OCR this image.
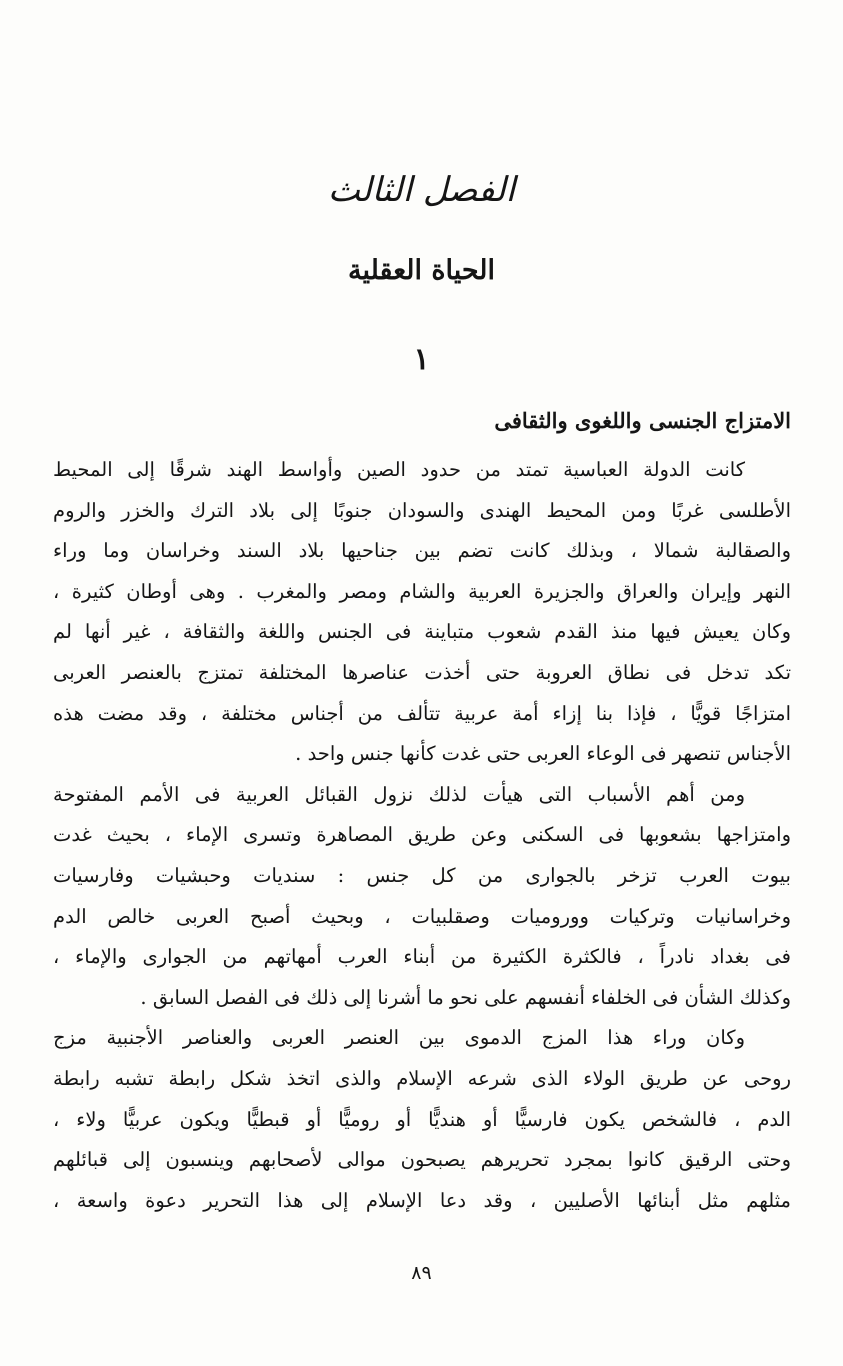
الفصل الثالث
الحياة العقلية
١
الامتزاج الجنسى واللغوى والثقافى
كانت الدولة العباسية تمتد من حدود الصين وأواسط الهند شرقًا إلى المحيط
الأطلسى غربًا ومن المحيط الهندى والسودان جنوبًا إلى بلاد الترك والخزر والروم
والصقالبة شمالا ، وبذلك كانت تضم بين جناحيها بلاد السند وخراسان وما وراء
النهر وإيران والعراق والجزيرة العربية والشام ومصر والمغرب . وهى أوطان كثيرة ،
وكان يعيش فيها منذ القدم شعوب متباينة فى الجنس واللغة والثقافة ، غير أنها لم
تكد تدخل فى نطاق العروبة حتى أخذت عناصرها المختلفة تمتزج بالعنصر العربى
امتزاجًا قويًّا ، فإذا بنا إزاء أمة عربية تتألف من أجناس مختلفة ، وقد مضت هذه
الأجناس تنصهر فى الوعاء العربى حتى غدت كأنها جنس واحد .
ومن أهم الأسباب التى هيأت لذلك نزول القبائل العربية فى الأمم المفتوحة
وامتزاجها بشعوبها فى السكنى وعن طريق المصاهرة وتسرى الإماء ، بحيث غدت
بيوت العرب تزخر بالجوارى من كل جنس : سنديات وحبشيات وفارسيات
وخراسانيات وتركيات ووروميات وصقلبيات ، وبحيث أصبح العربى خالص الدم
فى بغداد نادراً ، فالكثرة الكثيرة من أبناء العرب أمهاتهم من الجوارى والإماء ،
وكذلك الشأن فى الخلفاء أنفسهم على نحو ما أشرنا إلى ذلك فى الفصل السابق .
وكان وراء هذا المزج الدموى بين العنصر العربى والعناصر الأجنبية مزج
روحى عن طريق الولاء الذى شرعه الإسلام والذى اتخذ شكل رابطة تشبه رابطة
الدم ، فالشخص يكون فارسيًّا أو هنديًّا أو روميًّا أو قبطيًّا ويكون عربيًّا ولاء ،
وحتى الرقيق كانوا بمجرد تحريرهم يصبحون موالى لأصحابهم وينسبون إلى قبائلهم
مثلهم مثل أبنائها الأصليين ، وقد دعا الإسلام إلى هذا التحرير دعوة واسعة ،
٨٩
